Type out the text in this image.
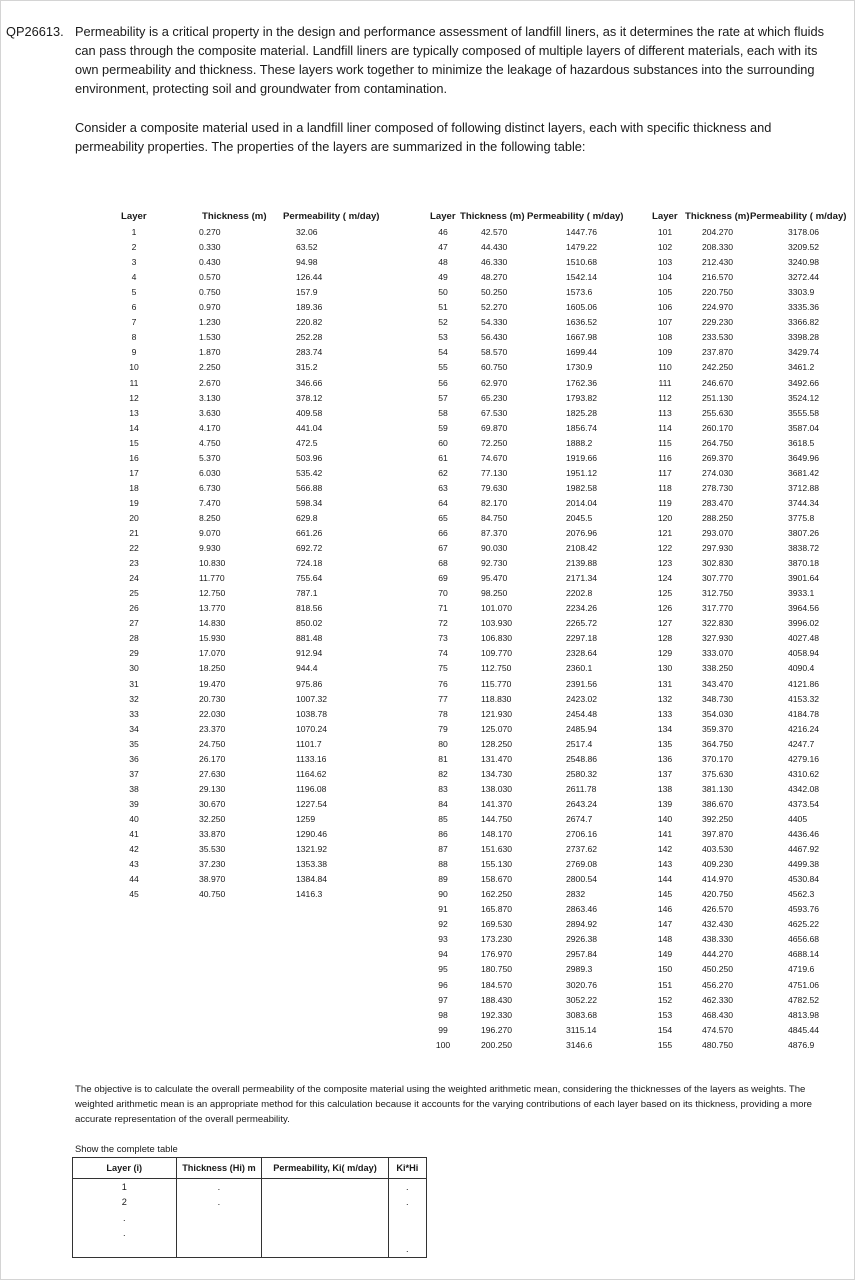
QP26613. Permeability is a critical property in the design and performance assessment of landfill liners, as it determines the rate at which fluids can pass through the composite material. Landfill liners are typically composed of multiple layers of different materials, each with its own permeability and thickness. These layers work together to minimize the leakage of hazardous substances into the surrounding environment, protecting soil and groundwater from contamination.
Consider a composite material used in a landfill liner composed of following distinct layers, each with specific thickness and permeability properties. The properties of the layers are summarized in the following table:
Layer	Thickness (m) Permeability ( m/day)
1	0.270	32.06
2	0.330	63.52
3	0.430	94.98
4	0.570	126.44
5	0.750	157.9
6	0.970	189.36
7	1.230	220.82
8	1.530	252.28
9	1.870	283.74
10	2.250	315.2
11	2.670	346.66
12	3.130	378.12
13	3.630	409.58
14	4.170	441.04
15	4.750	472.5
16	5.370	503.96
17	6.030	535.42
18	6.730	566.88
19	7.470	598.34
20	8.250	629.8
21	9.070	661.26
22	9.930	692.72
23	10.830	724.18
24	11.770	755.64
25	12.750	787.1
26	13.770	818.56
27	14.830	850.02
28	15.930	881.48
29	17.070	912.94
30	18.250	944.4
31	19.470	975.86
32	20.730	1007.32
33	22.030	1038.78
34	23.370	1070.24
35	24.750	1101.7
36	26.170	1133.16
37	27.630	1164.62
38	29.130	1196.08
39	30.670	1227.54
40	32.250	1259
41	33.870	1290.46
42	35.530	1321.92
43	37.230	1353.38
44	38.970	1384.84
45	40.750	1416.3
Layer Thickness (m) Permeability ( m/day)
46	42.570	1447.76
47	44.430	1479.22
48	46.330	1510.68
49	48.270	1542.14
50	50.250	1573.6
51	52.270	1605.06
52	54.330	1636.52
53	56.430	1667.98
54	58.570	1699.44
55	60.750	1730.9
56	62.970	1762.36
57	65.230	1793.82
58	67.530	1825.28
59	69.870	1856.74
60	72.250	1888.2
61	74.670	1919.66
62	77.130	1951.12
63	79.630	1982.58
64	82.170	2014.04
65	84.750	2045.5
66	87.370	2076.96
67	90.030	2108.42
68	92.730	2139.88
69	95.470	2171.34
70	98.250	2202.8
71	101.070	2234.26
72	103.930	2265.72
73	106.830	2297.18
74	109.770	2328.64
75	112.750	2360.1
76	115.770	2391.56
77	118.830	2423.02
78	121.930	2454.48
79	125.070	2485.94
80	128.250	2517.4
81	131.470	2548.86
82	134.730	2580.32
83	138.030	2611.78
84	141.370	2643.24
85	144.750	2674.7
86	148.170	2706.16
87	151.630	2737.62
88	155.130	2769.08
89	158.670	2800.54
90	162.250	2832
91	165.870	2863.46
92	169.530	2894.92
93	173.230	2926.38
94	176.970	2957.84
95	180.750	2989.3
96	184.570	3020.76
97	188.430	3052.22
98	192.330	3083.68
99	196.270	3115.14
100	200.250	3146.6
Layer Thickness (m) Permeability ( m/day)
101	204.270	3178.06
102	208.330	3209.52
103	212.430	3240.98
104	216.570	3272.44
105	220.750	3303.9
106	224.970	3335.36
107	229.230	3366.82
108	233.530	3398.28
109	237.870	3429.74
110	242.250	3461.2
111	246.670	3492.66
112	251.130	3524.12
113	255.630	3555.58
114	260.170	3587.04
115	264.750	3618.5
116	269.370	3649.96
117	274.030	3681.42
118	278.730	3712.88
119	283.470	3744.34
120	288.250	3775.8
121	293.070	3807.26
122	297.930	3838.72
123	302.830	3870.18
124	307.770	3901.64
125	312.750	3933.1
126	317.770	3964.56
127	322.830	3996.02
128	327.930	4027.48
129	333.070	4058.94
130	338.250	4090.4
131	343.470	4121.86
132	348.730	4153.32
133	354.030	4184.78
134	359.370	4216.24
135	364.750	4247.7
136	370.170	4279.16
137	375.630	4310.62
138	381.130	4342.08
139	386.670	4373.54
140	392.250	4405
141	397.870	4436.46
142	403.530	4467.92
143	409.230	4499.38
144	414.970	4530.84
145	420.750	4562.3
146	426.570	4593.76
147	432.430	4625.22
148	438.330	4656.68
149	444.270	4688.14
150	450.250	4719.6
151	456.270	4751.06
152	462.330	4782.52
153	468.430	4813.98
154	474.570	4845.44
155	480.750	4876.9
The objective is to calculate the overall permeability of the composite material using the weighted arithmetic mean, considering the thicknesses of the layers as weights. The weighted arithmetic mean is an appropriate method for this calculation because it accounts for the varying contributions of each layer based on its thickness, providing a more accurate representation of the overall permeability.
Show the complete table
Layer (i)	Thickness (Hi) m	Permeability, Ki( m/day)	Ki*Hi
1	.		.
2	.		.
.			
.			
			.
